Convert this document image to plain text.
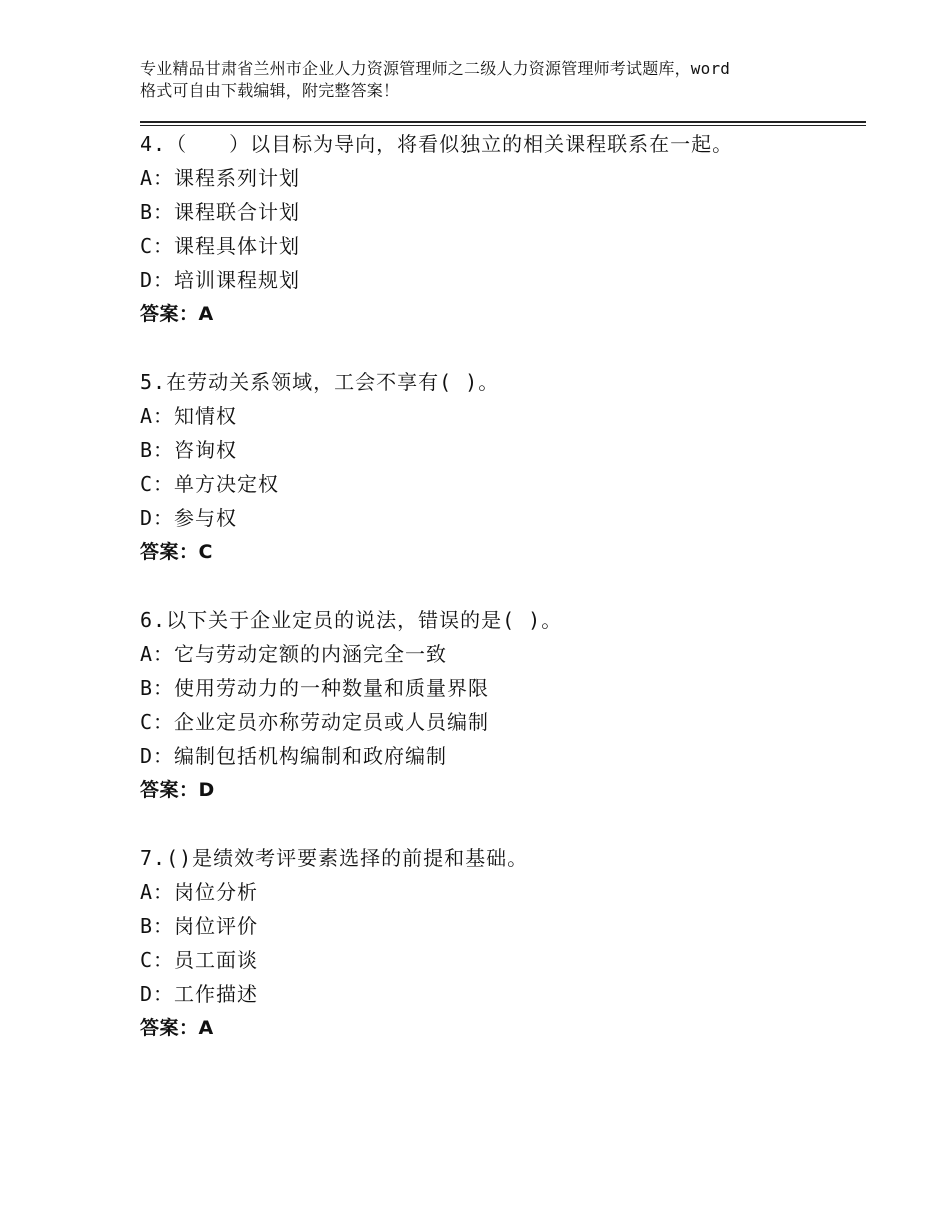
专业精品甘肃省兰州市企业人力资源管理师之二级人力资源管理师考试题库，word
格式可自由下载编辑，附完整答案！
4.（　　）以目标为导向，将看似独立的相关课程联系在一起。
A：课程系列计划
B：课程联合计划
C：课程具体计划
D：培训课程规划
答案：A
5.在劳动关系领域，工会不享有( )。
A：知情权
B：咨询权
C：单方决定权
D：参与权
答案：C
6.以下关于企业定员的说法，错误的是( )。
A：它与劳动定额的内涵完全一致
B：使用劳动力的一种数量和质量界限
C：企业定员亦称劳动定员或人员编制
D：编制包括机构编制和政府编制
答案：D
7.()是绩效考评要素选择的前提和基础。
A：岗位分析
B：岗位评价
C：员工面谈
D：工作描述
答案：A
